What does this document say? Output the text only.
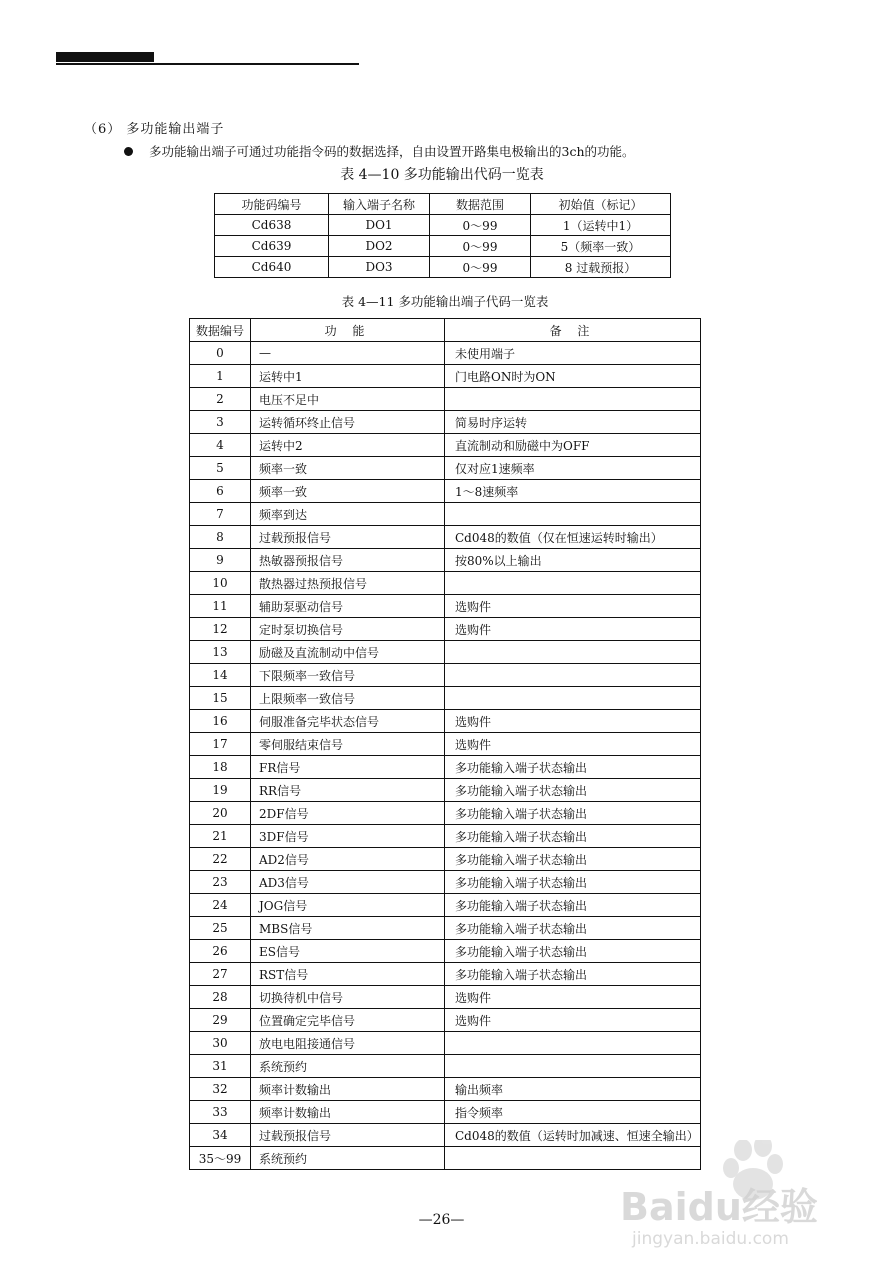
（6） 多功能输出端子
多功能输出端子可通过功能指令码的数据选择，自由设置开路集电极输出的3ch的功能。
表 4—10 多功能输出代码一览表
功能码编号	输入端子名称	数据范围	初始值（标记）
Cd638	DO1	0～99	1（运转中1）
Cd639	DO2	0～99	5（频率一致）
Cd640	DO3	0～99	8 过载预报）
表 4—11 多功能输出端子代码一览表
数据编号	功 能	备 注
0	—	未使用端子
1	运转中1	门电路ON时为ON
2	电压不足中	
3	运转循环终止信号	简易时序运转
4	运转中2	直流制动和励磁中为OFF
5	频率一致	仅对应1速频率
6	频率一致	1～8速频率
7	频率到达	
8	过载预报信号	Cd048的数值（仅在恒速运转时输出）
9	热敏器预报信号	按80%以上输出
10	散热器过热预报信号	
11	辅助泵驱动信号	选购件
12	定时泵切换信号	选购件
13	励磁及直流制动中信号	
14	下限频率一致信号	
15	上限频率一致信号	
16	伺服准备完毕状态信号	选购件
17	零伺服结束信号	选购件
18	FR信号	多功能输入端子状态输出
19	RR信号	多功能输入端子状态输出
20	2DF信号	多功能输入端子状态输出
21	3DF信号	多功能输入端子状态输出
22	AD2信号	多功能输入端子状态输出
23	AD3信号	多功能输入端子状态输出
24	JOG信号	多功能输入端子状态输出
25	MBS信号	多功能输入端子状态输出
26	ES信号	多功能输入端子状态输出
27	RST信号	多功能输入端子状态输出
28	切换待机中信号	选购件
29	位置确定完毕信号	选购件
30	放电电阻接通信号	
31	系统预约	
32	频率计数输出	输出频率
33	频率计数输出	指令频率
34	过载预报信号	Cd048的数值（运转时加减速、恒速全输出）
35～99	系统预约	
—26—	Baidu经验
jingyan.baidu.com
